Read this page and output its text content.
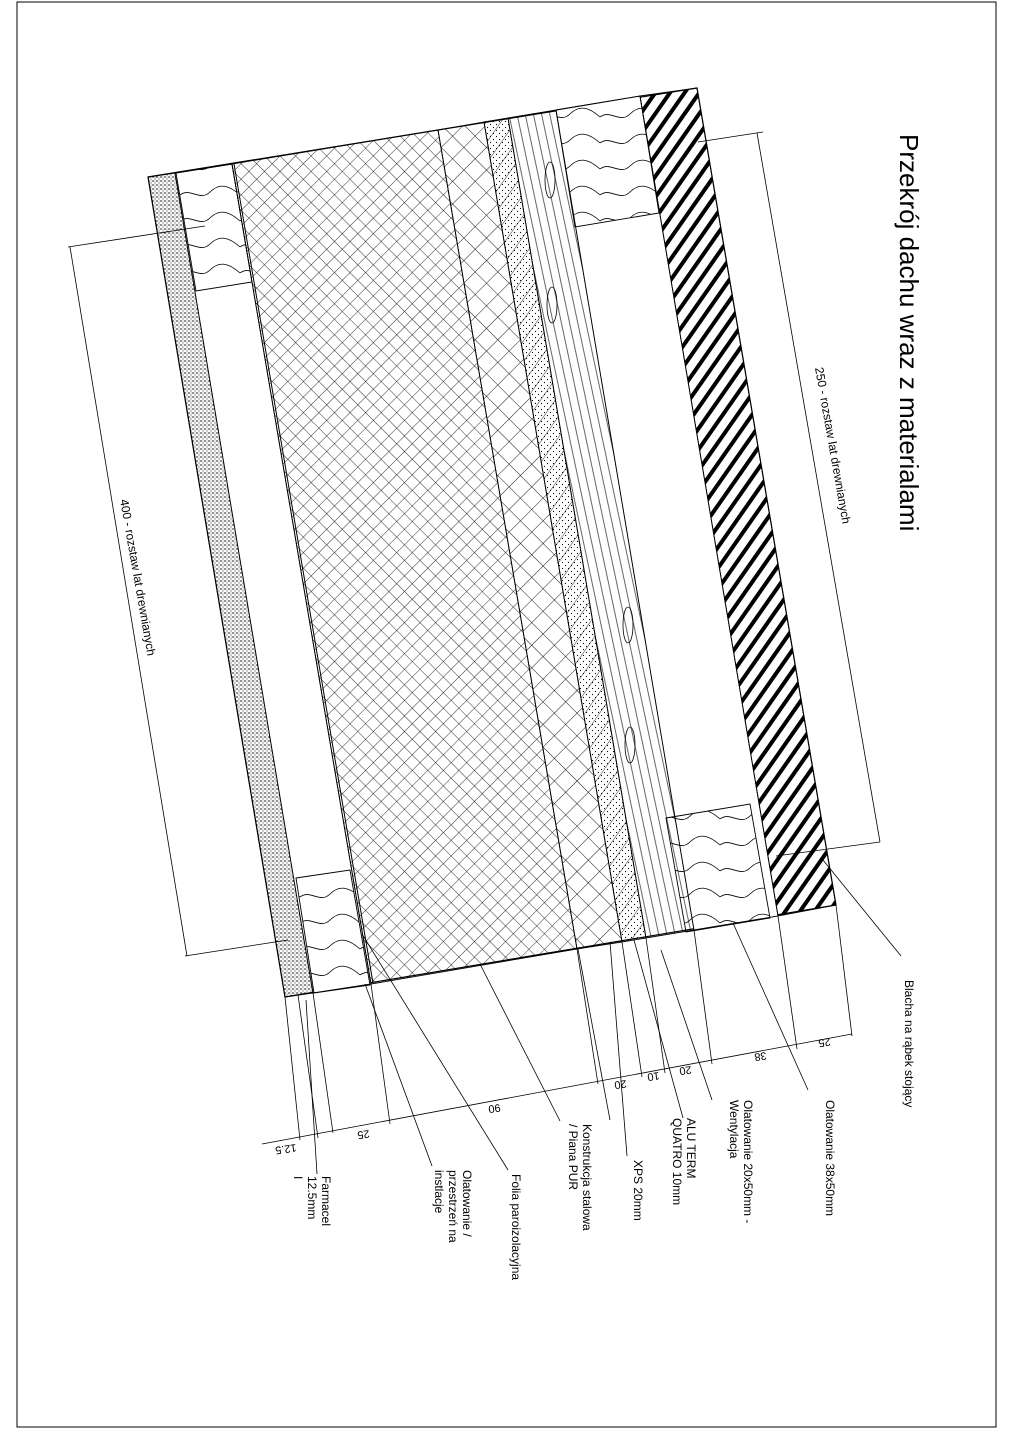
250 - rozstaw lat drewnianych
400 - rozstaw lat drewnianych
Przekrój dachu wraz z materialami
25
38
20
10
20
90
25
12.5
Blacha na rąbek stojący
Olatowanie 38x50mm
Olatowanie 20x50mm -
Wentylacja
ALU TERM
QUATRO 10mm
XPS 20mm
Konstrukcja stalowa
/ Piana PUR
Folia paroizolacyjna
Olatowanie /
przestrzeń na
instlacje
Farmacel
12.5mm
I
